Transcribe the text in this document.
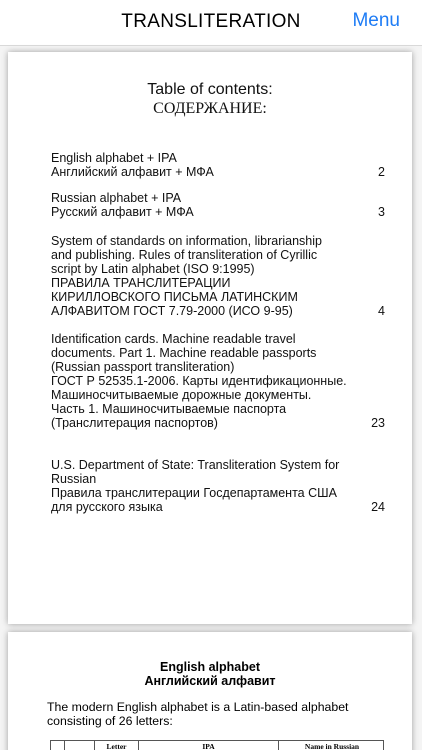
TRANSLITERATION	Menu
Table of contents:
СОДЕРЖАНИЕ:
English alphabet + IPA
Английский алфавит + МФА	2
Russian alphabet + IPA
Русский алфавит + МФА	3
System of standards on information, librarianship
and publishing. Rules of transliteration of Cyrillic
script by Latin alphabet (ISO 9:1995)
ПРАВИЛА ТРАНСЛИТЕРАЦИИ
КИРИЛЛОВСКОГО ПИСЬМА ЛАТИНСКИМ
АЛФАВИТОМ ГОСТ 7.79-2000 (ИСО 9-95)	4
Identification cards. Machine readable travel
documents. Part 1. Machine readable passports
(Russian passport transliteration)
ГОСТ Р 52535.1-2006. Карты идентификационные.
Машиносчитываемые дорожные документы.
Часть 1. Машиносчитываемые паспорта
(Транслитерация паспортов)	23
U.S. Department of State: Transliteration System for
Russian
Правила транслитерации Госдепартамента США
для русского языка	24
English alphabet
Английский алфавит
The modern English alphabet is a Latin-based alphabet consisting of 26 letters:
Letter	IPA	Name in Russian
